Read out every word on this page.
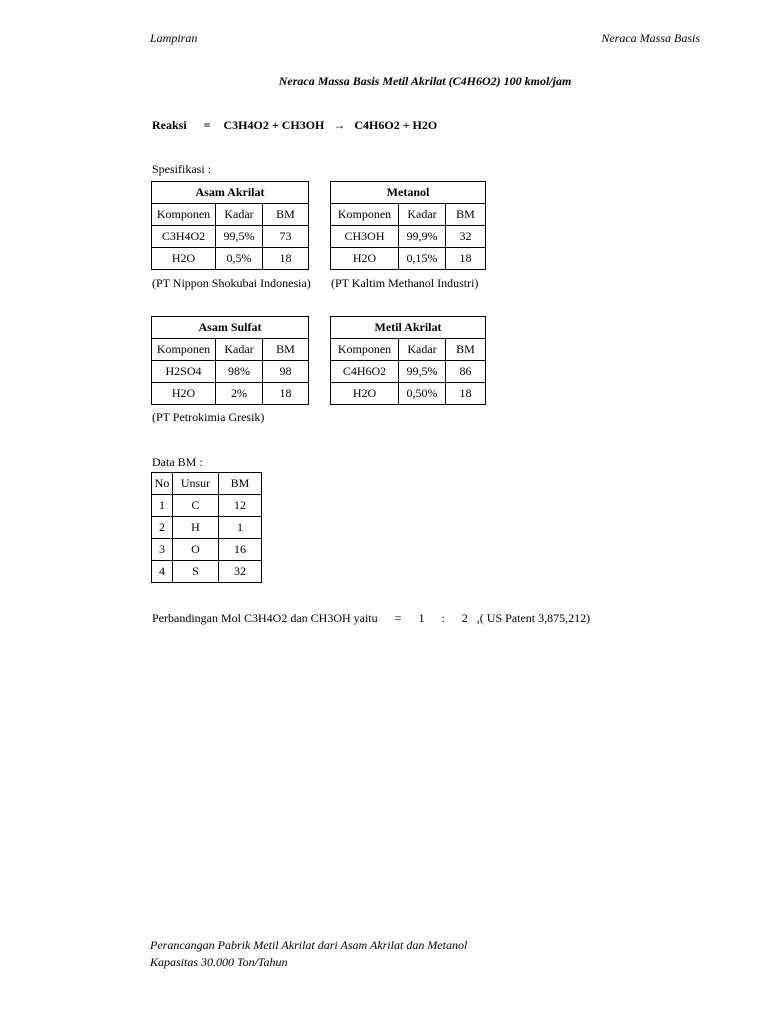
Lampiran	Neraca Massa Basis
Neraca Massa Basis Metil Akrilat (C4H6O2) 100 kmol/jam
Reaksi = C3H4O2 + CH3OH → C4H6O2 + H2O
Spesifikasi :
Asam Akrilat		
Komponen	Kadar	BM
C3H4O2	99,5%	73
H2O	0,5%	18
(PT Nippon Shokubai Indonesia)
Metanol		
Komponen	Kadar	BM
CH3OH	99,9%	32
H2O	0,15%	18
(PT Kaltim Methanol Industri)
Asam Sulfat		
Komponen	Kadar	BM
H2SO4	98%	98
H2O	2%	18
(PT Petrokimia Gresik)
Metil Akrilat		
Komponen	Kadar	BM
C4H6O2	99,5%	86
H2O	0,50%	18
Data BM :
No	Unsur	BM
1	C	12
2	H	1
3	O	16
4	S	32
Perbandingan Mol C3H4O2 dan CH3OH yaitu = 1 : 2 ,( US Patent 3,875,212)
Perancangan Pabrik Metil Akrilat dari Asam Akrilat dan Metanol
Kapasitas 30.000 Ton/Tahun
